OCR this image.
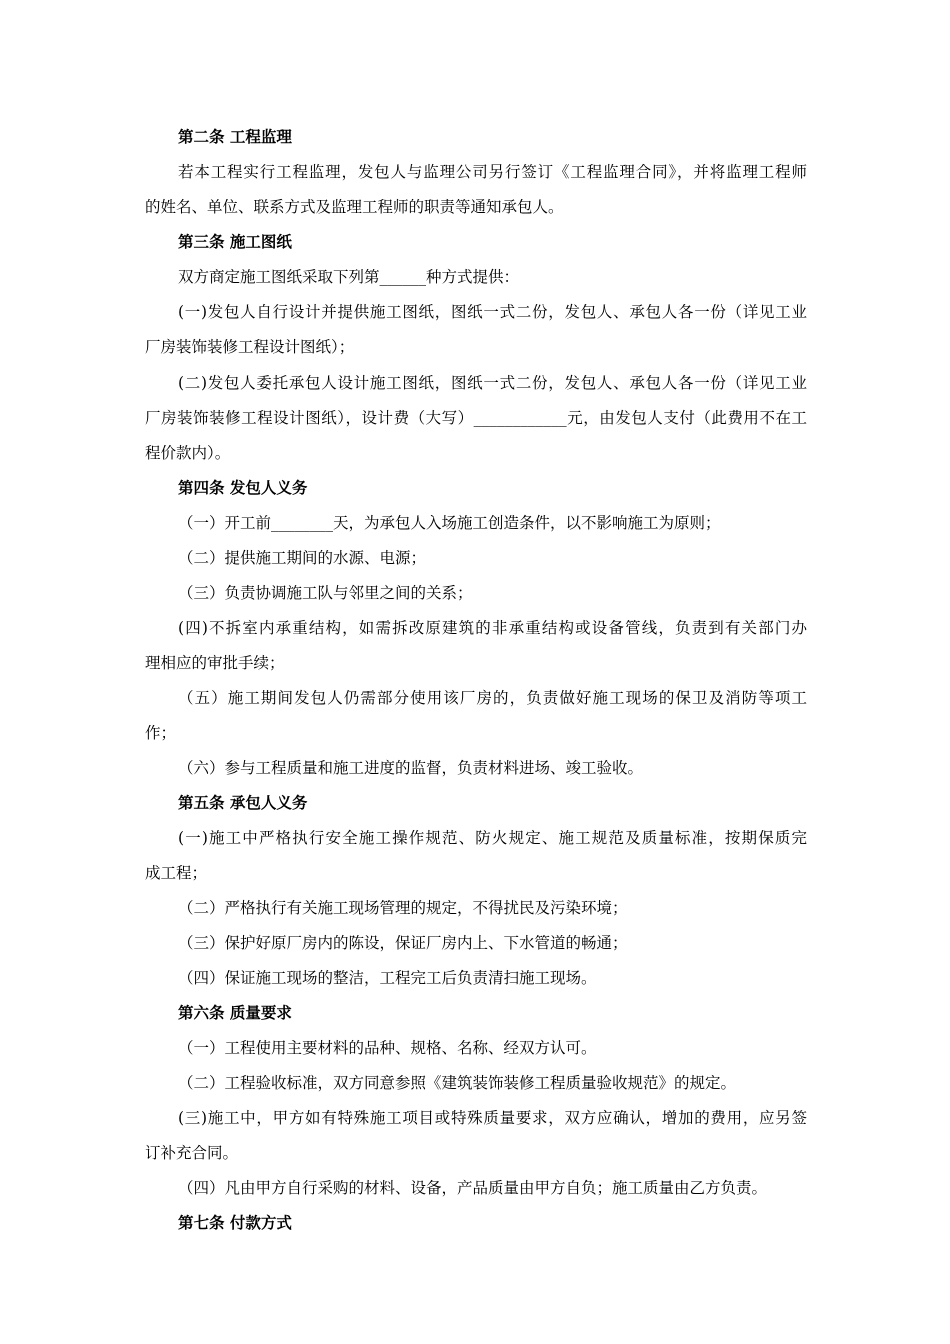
第二条 工程监理
若本工程实行工程监理，发包人与监理公司另行签订《工程监理合同》，并将监理工程师
的姓名、单位、联系方式及监理工程师的职责等通知承包人。
第三条 施工图纸
双方商定施工图纸采取下列第______种方式提供：
(一)发包人自行设计并提供施工图纸，图纸一式二份，发包人、承包人各一份（详见工业
厂房装饰装修工程设计图纸）；
(二)发包人委托承包人设计施工图纸，图纸一式二份，发包人、承包人各一份（详见工业
厂房装饰装修工程设计图纸），设计费（大写）____________元，由发包人支付（此费用不在工
程价款内）。
第四条 发包人义务
（一）开工前________天，为承包人入场施工创造条件，以不影响施工为原则；
（二）提供施工期间的水源、电源；
（三）负责协调施工队与邻里之间的关系；
(四)不拆室内承重结构，如需拆改原建筑的非承重结构或设备管线，负责到有关部门办
理相应的审批手续；
（五）施工期间发包人仍需部分使用该厂房的，负责做好施工现场的保卫及消防等项工
作；
（六）参与工程质量和施工进度的监督，负责材料进场、竣工验收。
第五条 承包人义务
(一)施工中严格执行安全施工操作规范、防火规定、施工规范及质量标准，按期保质完
成工程；
（二）严格执行有关施工现场管理的规定，不得扰民及污染环境；
（三）保护好原厂房内的陈设，保证厂房内上、下水管道的畅通；
（四）保证施工现场的整洁，工程完工后负责清扫施工现场。
第六条 质量要求
（一）工程使用主要材料的品种、规格、名称、经双方认可。
（二）工程验收标准，双方同意参照《建筑装饰装修工程质量验收规范》的规定。
(三)施工中，甲方如有特殊施工项目或特殊质量要求，双方应确认，增加的费用，应另签
订补充合同。
（四）凡由甲方自行采购的材料、设备，产品质量由甲方自负；施工质量由乙方负责。
第七条 付款方式
